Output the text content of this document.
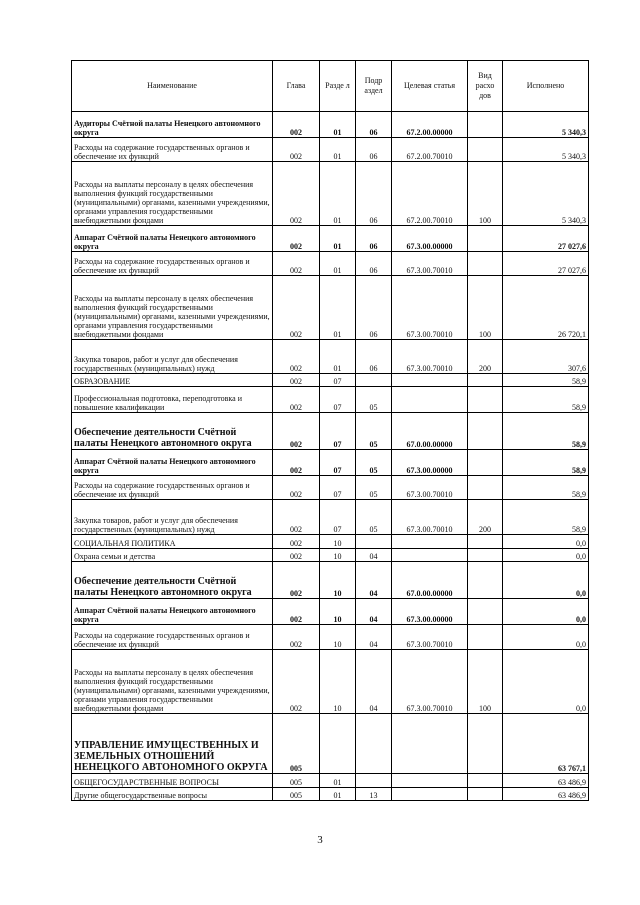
Наименование	Глава	Разде л	Подр аздел	Целевая статья	Вид расхо дов	Исполнено
Аудиторы Счётной палаты Ненецкого автономного округа	002	01	06	67.2.00.00000		5 340,3
Расходы на содержание государственных органов и обеспечение их функций	002	01	06	67.2.00.70010		5 340,3
Расходы на выплаты персоналу в целях обеспечения выполнения функций государственными (муниципальными) органами, казенными учреждениями, органами управления государственными внебюджетными фондами	002	01	06	67.2.00.70010	100	5 340,3
Аппарат Счётной палаты Ненецкого автономного округа	002	01	06	67.3.00.00000		27 027,6
Расходы на содержание государственных органов и обеспечение их функций	002	01	06	67.3.00.70010		27 027,6
Расходы на выплаты персоналу в целях обеспечения выполнения функций государственными (муниципальными) органами, казенными учреждениями, органами управления государственными внебюджетными фондами	002	01	06	67.3.00.70010	100	26 720,1
Закупка товаров, работ и услуг для обеспечения государственных (муниципальных) нужд	002	01	06	67.3.00.70010	200	307,6
ОБРАЗОВАНИЕ	002	07				58,9
Профессиональная подготовка, переподготовка и повышение квалификации	002	07	05			58,9
Обеспечение деятельности Счётной палаты Ненецкого автономного округа	002	07	05	67.0.00.00000		58,9
Аппарат Счётной палаты Ненецкого автономного округа	002	07	05	67.3.00.00000		58,9
Расходы на содержание государственных органов и обеспечение их функций	002	07	05	67.3.00.70010		58,9
Закупка товаров, работ и услуг для обеспечения государственных (муниципальных) нужд	002	07	05	67.3.00.70010	200	58,9
СОЦИАЛЬНАЯ ПОЛИТИКА	002	10				0,0
Охрана семьи и детства	002	10	04			0,0
Обеспечение деятельности Счётной палаты Ненецкого автономного округа	002	10	04	67.0.00.00000		0,0
Аппарат Счётной палаты Ненецкого автономного округа	002	10	04	67.3.00.00000		0,0
Расходы на содержание государственных органов и обеспечение их функций	002	10	04	67.3.00.70010		0,0
Расходы на выплаты персоналу в целях обеспечения выполнения функций государственными (муниципальными) органами, казенными учреждениями, органами управления государственными внебюджетными фондами	002	10	04	67.3.00.70010	100	0,0
УПРАВЛЕНИЕ ИМУЩЕСТВЕННЫХ И ЗЕМЕЛЬНЫХ ОТНОШЕНИЙ НЕНЕЦКОГО АВТОНОМНОГО ОКРУГА	005					63 767,1
ОБЩЕГОСУДАРСТВЕННЫЕ ВОПРОСЫ	005	01				63 486,9
Другие общегосударственные вопросы	005	01	13			63 486,9
3
